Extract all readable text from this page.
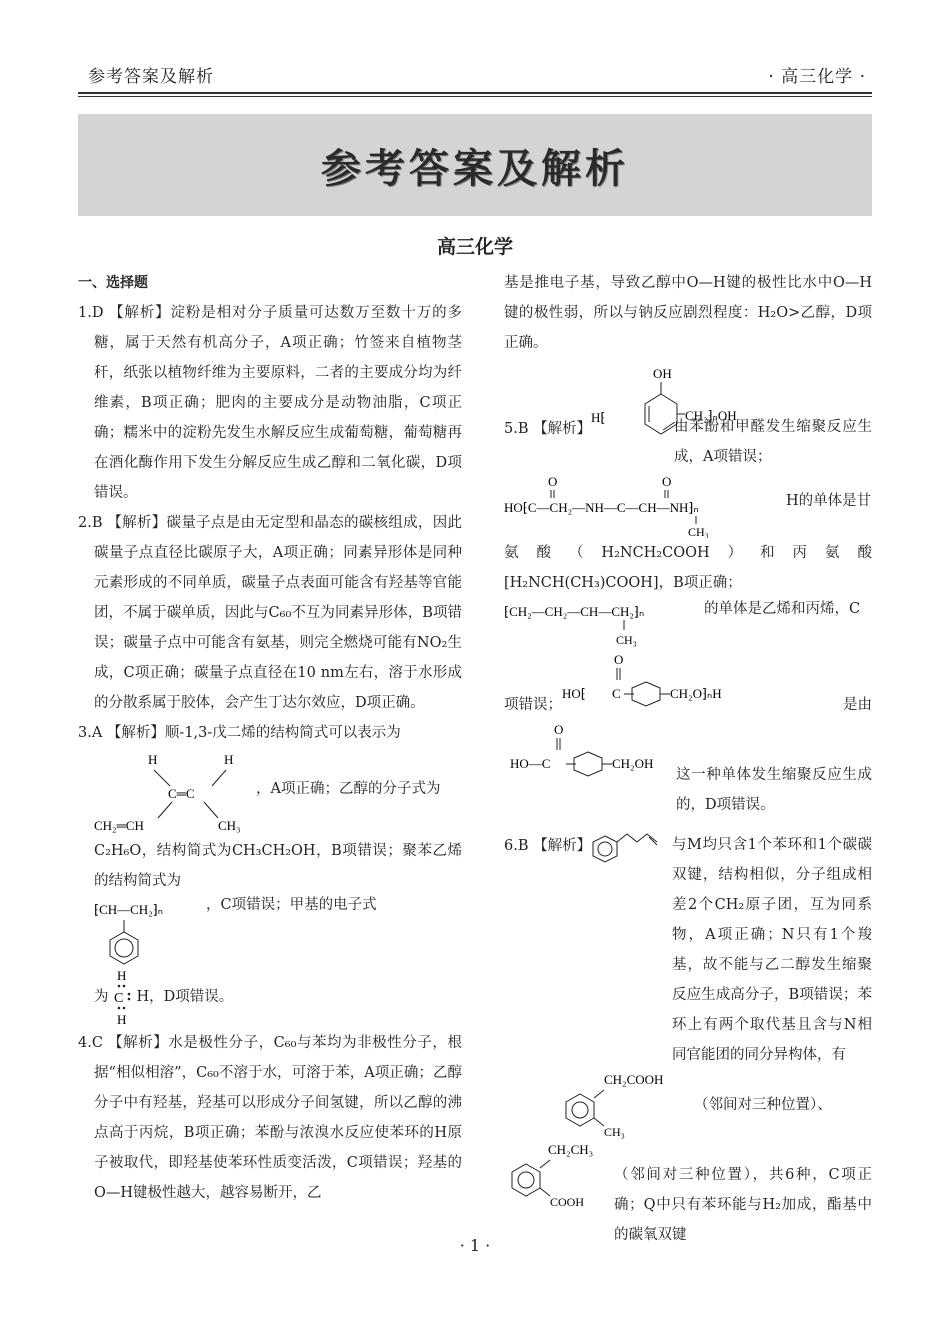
参考答案及解析	· 高三化学 ·
参考答案及解析
高三化学
一、选择题

1.D 【解析】淀粉是相对分子质量可达数万至数十万的多糖，属于天然有机高分子，A项正确；竹签来自植物茎秆，纸张以植物纤维为主要原料，二者的主要成分均为纤维素，B项正确；肥肉的主要成分是动物油脂，C项正确；糯米中的淀粉先发生水解反应生成葡萄糖，葡萄糖再在酒化酶作用下发生分解反应生成乙醇和二氧化碳，D项错误。

2.B 【解析】碳量子点是由无定型和晶态的碳核组成，因此碳量子点直径比碳原子大，A项正确；同素异形体是同种元素形成的不同单质，碳量子点表面可能含有羟基等官能团，不属于碳单质，因此与C₆₀不互为同素异形体，B项错误；碳量子点中可能含有氨基，则完全燃烧可能有NO₂生成，C项正确；碳量子点直径在10 nm左右，溶于水形成的分散系属于胶体，会产生丁达尔效应，D项正确。

3.A 【解析】顺-1,3-戊二烯的结构简式可以表示为

H	H
C═C
CH₂═CH	CH₃
，A项正确；乙醇的分子式为

C₂H₆O，结构简式为CH₃CH₂OH，B项错误；聚苯乙烯的结构简式为

⁅CH—CH₂⁆ₙ	，C项错误；甲基的电子式
为
H
C
H
H，D项错误。

4.C 【解析】水是极性分子，C₆₀与苯均为非极性分子，根据“相似相溶”，C₆₀不溶于水，可溶于苯，A项正确；乙醇分子中有羟基，羟基可以形成分子间氢键，所以乙醇的沸点高于丙烷，B项正确；苯酚与浓溴水反应使苯环的H原子被取代，即羟基使苯环性质变活泼，C项错误；羟基的O—H键极性越大，越容易断开，乙

基是推电子基，导致乙醇中O—H键的极性比水中O—H键的极性弱，所以与钠反应剧烈程度：H₂O>乙醇，D项正确。

5.B 【解析】
OH
H⁅	CH₂⁆ₙOH

由苯酚和甲醛发生缩聚反应生成，A项错误；

O	O
HO⁅C—CH₂—NH—C—CH—NH⁆ₙ
CH₃
H的单体是甘

氨酸（H₂NCH₂COOH）和丙氨酸[H₂NCH(CH₃)COOH]，B项正确；

⁅CH₂—CH₂—CH—CH₂⁆ₙ
CH₃
的单体是乙烯和丙烯，C
项错误；
O
HO⁅ C	CH₂O⁆ₙH
是由
O
HO—C	CH₂OH

这一种单体发生缩聚反应生成的，D项错误。

6.B 【解析】	与M均只含1个苯环和1个碳碳双键，结构相似，分子组成相差2个CH₂原子团，互为同系物，A项正确；N只有1个羧基，故不能与乙二醇发生缩聚反应生成高分子，B项错误；苯环上有两个取代基且含与N相同官能团的同分异构体，有

CH₂COOH
CH₃
（邻间对三种位置）、
CH₂CH₃
COOH

（邻间对三种位置），共6种，C项正确；Q中只有苯环能与H₂加成，酯基中的碳氧双键

· 1 ·
